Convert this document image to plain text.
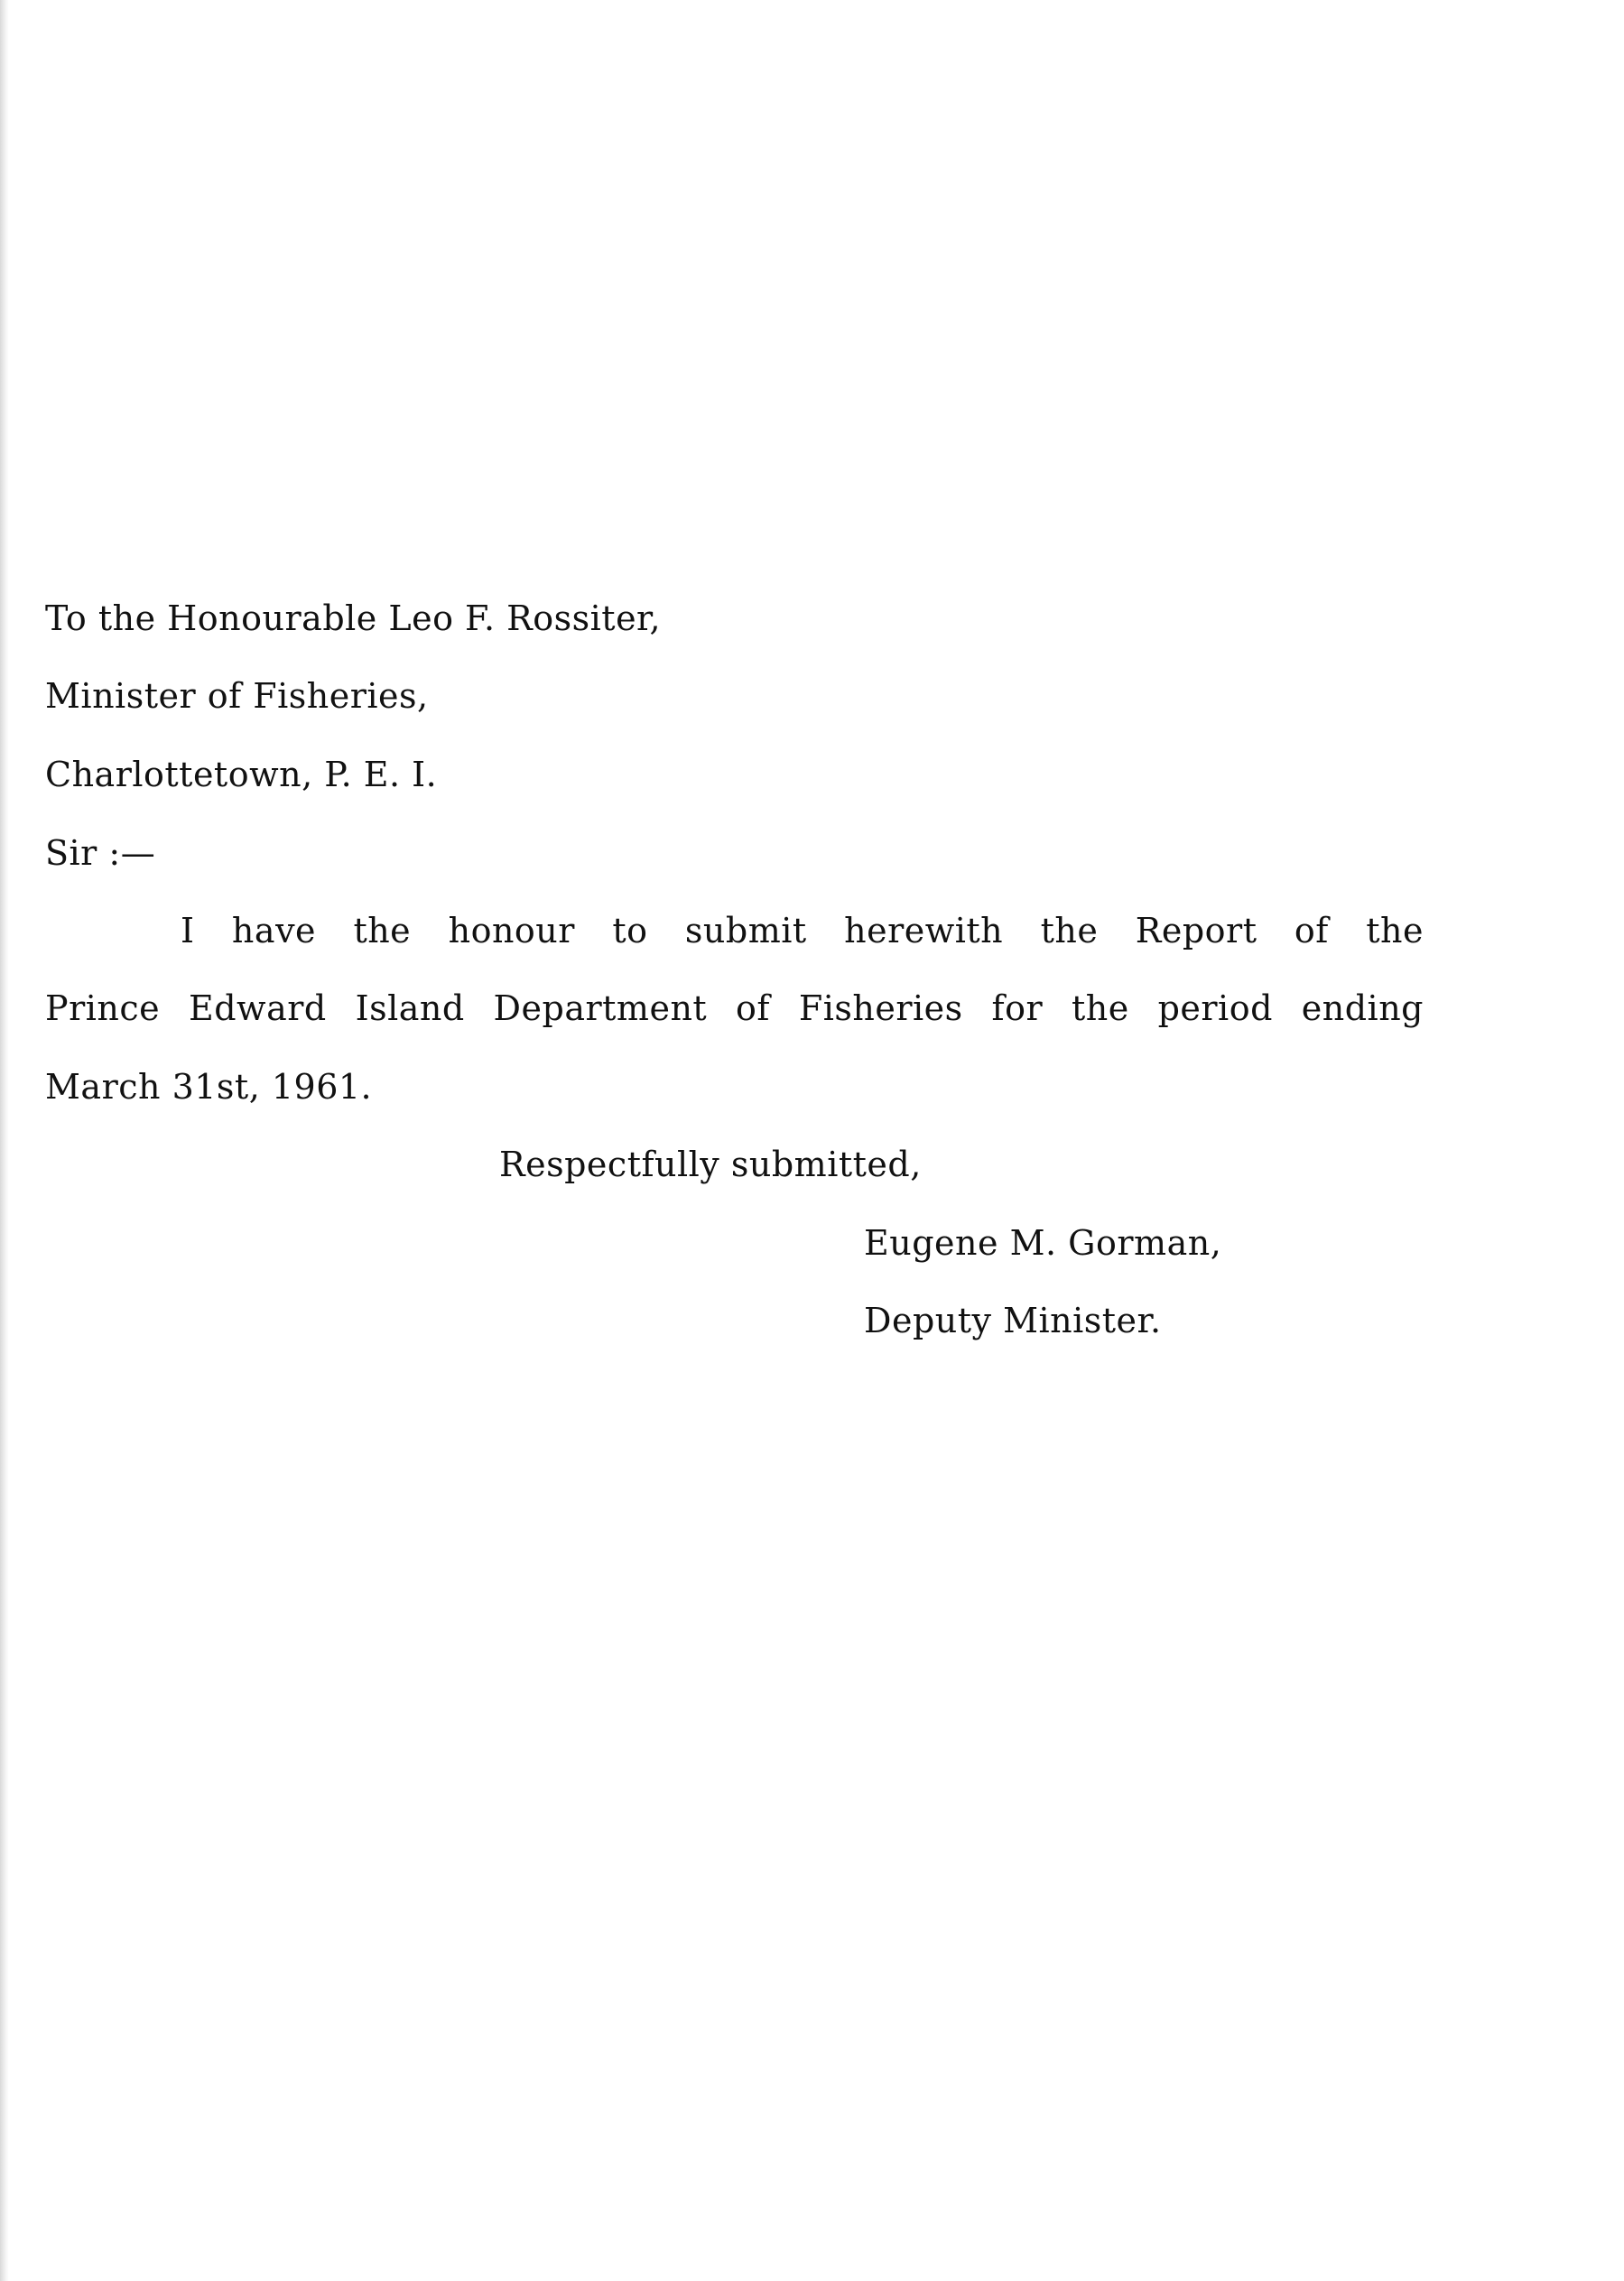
To the Honourable Leo F. Rossiter,
Minister of Fisheries,
Charlottetown, P. E. I.
Sir :—
I have the honour to submit herewith the Report of the
Prince Edward Island Department of Fisheries for the period ending
March 31st, 1961.
Respectfully submitted,
Eugene M. Gorman,
Deputy Minister.
